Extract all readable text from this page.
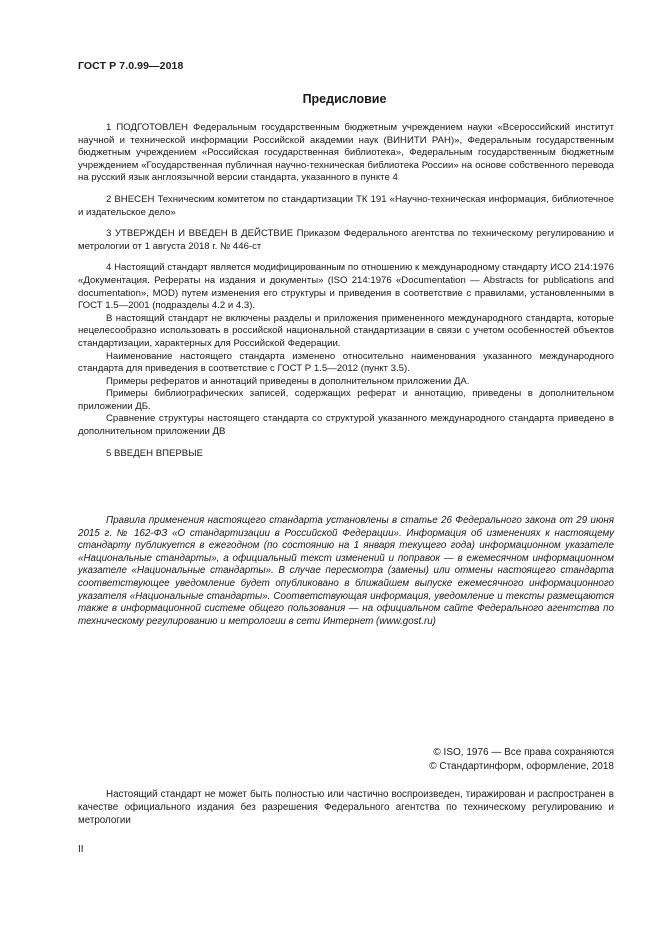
ГОСТ Р 7.0.99—2018
Предисловие

1 ПОДГОТОВЛЕН Федеральным государственным бюджетным учреждением науки «Всероссийский институт научной и технической информации Российской академии наук (ВИНИТИ РАН)», Федеральным государственным бюджетным учреждением «Российская государственная библиотека», Федеральным государственным бюджетным учреждением «Государственная публичная научно-техническая библиотека России» на основе собственного перевода на русский язык англоязычной версии стандарта, указанного в пункте 4

2 ВНЕСЕН Техническим комитетом по стандартизации ТК 191 «Научно-техническая информация, библиотечное и издательское дело»

3 УТВЕРЖДЕН И ВВЕДЕН В ДЕЙСТВИЕ Приказом Федерального агентства по техническому регулированию и метрологии от 1 августа 2018 г. № 446-ст

4 Настоящий стандарт является модифицированным по отношению к международному стандарту ИСО 214:1976 «Документация. Рефераты на издания и документы» (ISO 214:1976 «Documentation — Abstracts for publications and documentation», MOD) путем изменения его структуры и приведения в соответствие с правилами, установленными в ГОСТ 1.5—2001 (подразделы 4.2 и 4.3).

В настоящий стандарт не включены разделы и приложения примененного международного стандарта, которые нецелесообразно использовать в российской национальной стандартизации в связи с учетом особенностей объектов стандартизации, характерных для Российской Федерации.

Наименование настоящего стандарта изменено относительно наименования указанного международного стандарта для приведения в соответствие с ГОСТ Р 1.5—2012 (пункт 3.5).

Примеры рефератов и аннотаций приведены в дополнительном приложении ДА.

Примеры библиографических записей, содержащих реферат и аннотацию, приведены в дополнительном приложении ДБ.

Сравнение структуры настоящего стандарта со структурой указанного международного стандарта приведено в дополнительном приложении ДВ

5 ВВЕДЕН ВПЕРВЫЕ

Правила применения настоящего стандарта установлены в статье 26 Федерального закона от 29 июня 2015 г. № 162-ФЗ «О стандартизации в Российской Федерации». Информация об изменениях к настоящему стандарту публикуется в ежегодном (по состоянию на 1 января текущего года) информационном указателе «Национальные стандарты», а официальный текст изменений и поправок — в ежемесячном информационном указателе «Национальные стандарты». В случае пересмотра (замены) или отмены настоящего стандарта соответствующее уведомление будет опубликовано в ближайшем выпуске ежемесячного информационного указателя «Национальные стандарты». Соответствующая информация, уведомление и тексты размещаются также в информационной системе общего пользования — на официальном сайте Федерального агентства по техническому регулированию и метрологии в сети Интернет (www.gost.ru)

© ISO, 1976 — Все права сохраняются
© Стандартинформ, оформление, 2018

Настоящий стандарт не может быть полностью или частично воспроизведен, тиражирован и распространен в качестве официального издания без разрешения Федерального агентства по техническому регулированию и метрологии

II
